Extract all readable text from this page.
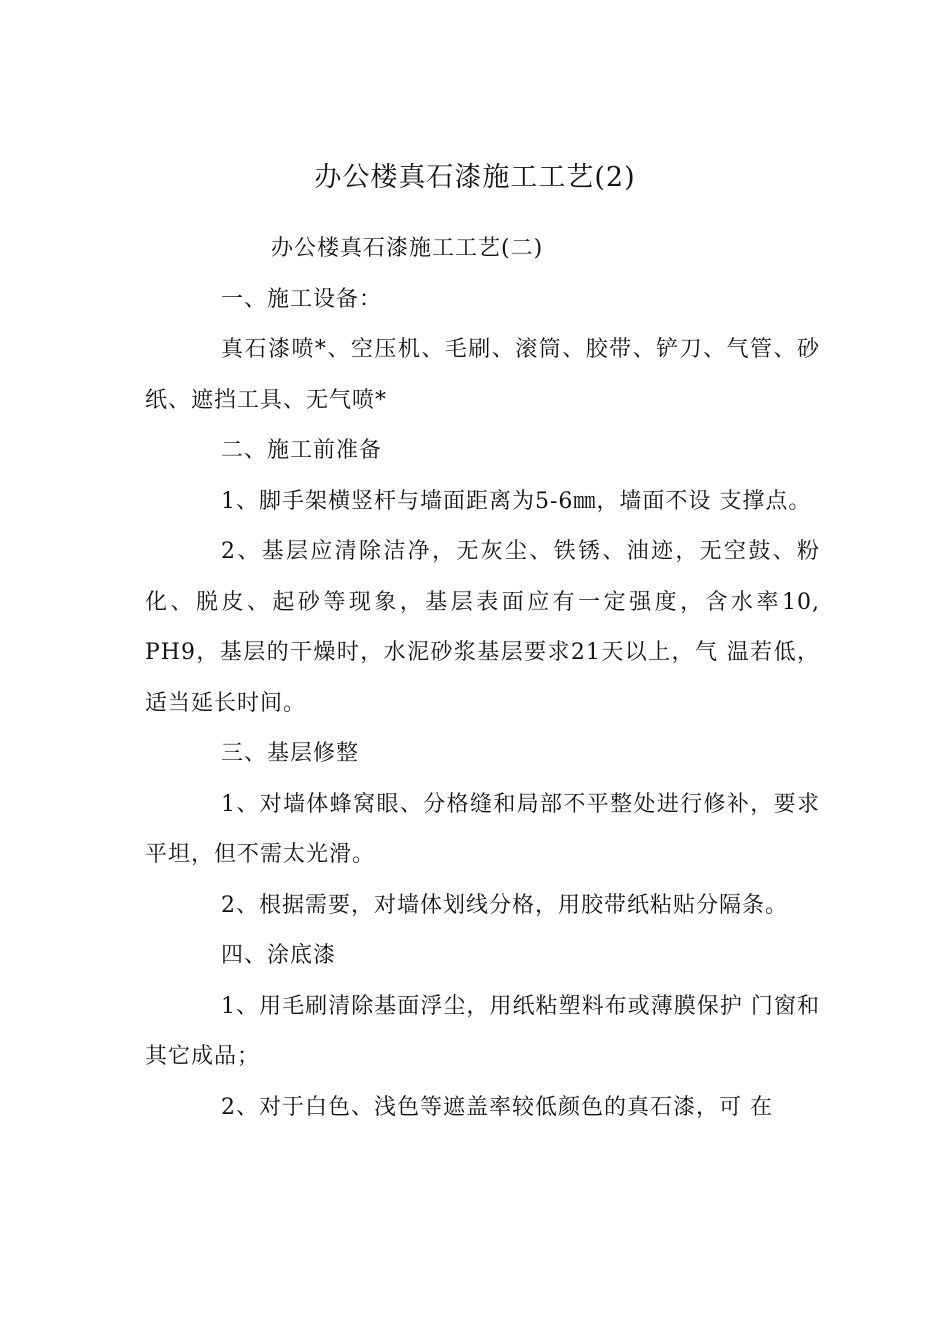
办公楼真石漆施工工艺(2)

办公楼真石漆施工工艺(二)

一、施工设备：

真石漆喷*、空压机、毛刷、滚筒、胶带、铲刀、气管、砂纸、遮挡工具、无气喷*

二、施工前准备

1、脚手架横竖杆与墙面距离为5-6㎜，墙面不设 支撑点。

2、基层应清除洁净，无灰尘、铁锈、油迹，无空鼓、粉化、脱皮、起砂等现象，基层表面应有一定强度，含水率10, PH9，基层的干燥时，水泥砂浆基层要求21天以上，气 温若低，适当延长时间。

三、基层修整

1、对墙体蜂窝眼、分格缝和局部不平整处进行修补，要求平坦，但不需太光滑。

2、根据需要，对墙体划线分格，用胶带纸粘贴分隔条。

四、涂底漆

1、用毛刷清除基面浮尘，用纸粘塑料布或薄膜保护 门窗和其它成品；

2、对于白色、浅色等遮盖率较低颜色的真石漆，可 在
